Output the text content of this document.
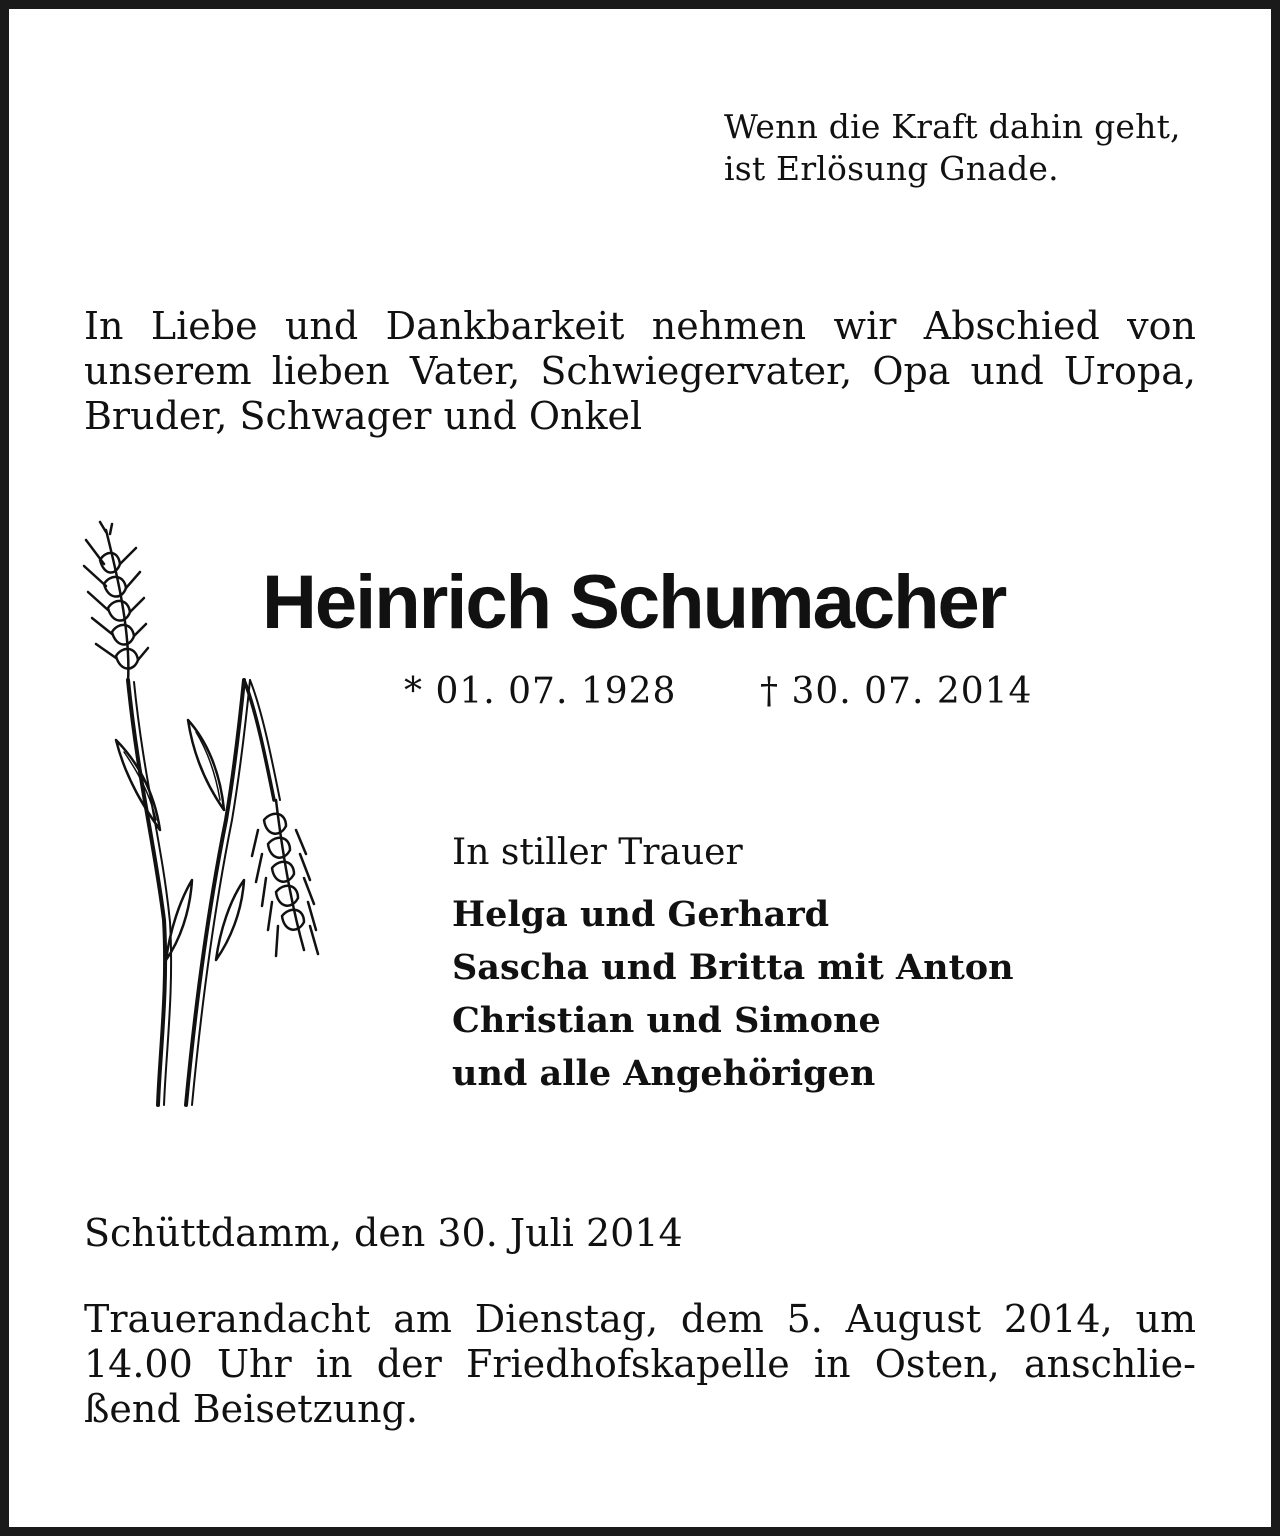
Wenn die Kraft dahin geht,
ist Erlösung Gnade.
In Liebe und Dankbarkeit nehmen wir Abschied von
unserem lieben Vater, Schwiegervater, Opa und Uropa,
Bruder, Schwager und Onkel
Heinrich Schumacher
* 01. 07. 1928 † 30. 07. 2014
In stiller Trauer
Helga und Gerhard
Sascha und Britta mit Anton
Christian und Simone
und alle Angehörigen
Schüttdamm, den 30. Juli 2014
Trauerandacht am Dienstag, dem 5. August 2014, um
14.00 Uhr in der Friedhofskapelle in Osten, anschlie-
ßend Beisetzung.
